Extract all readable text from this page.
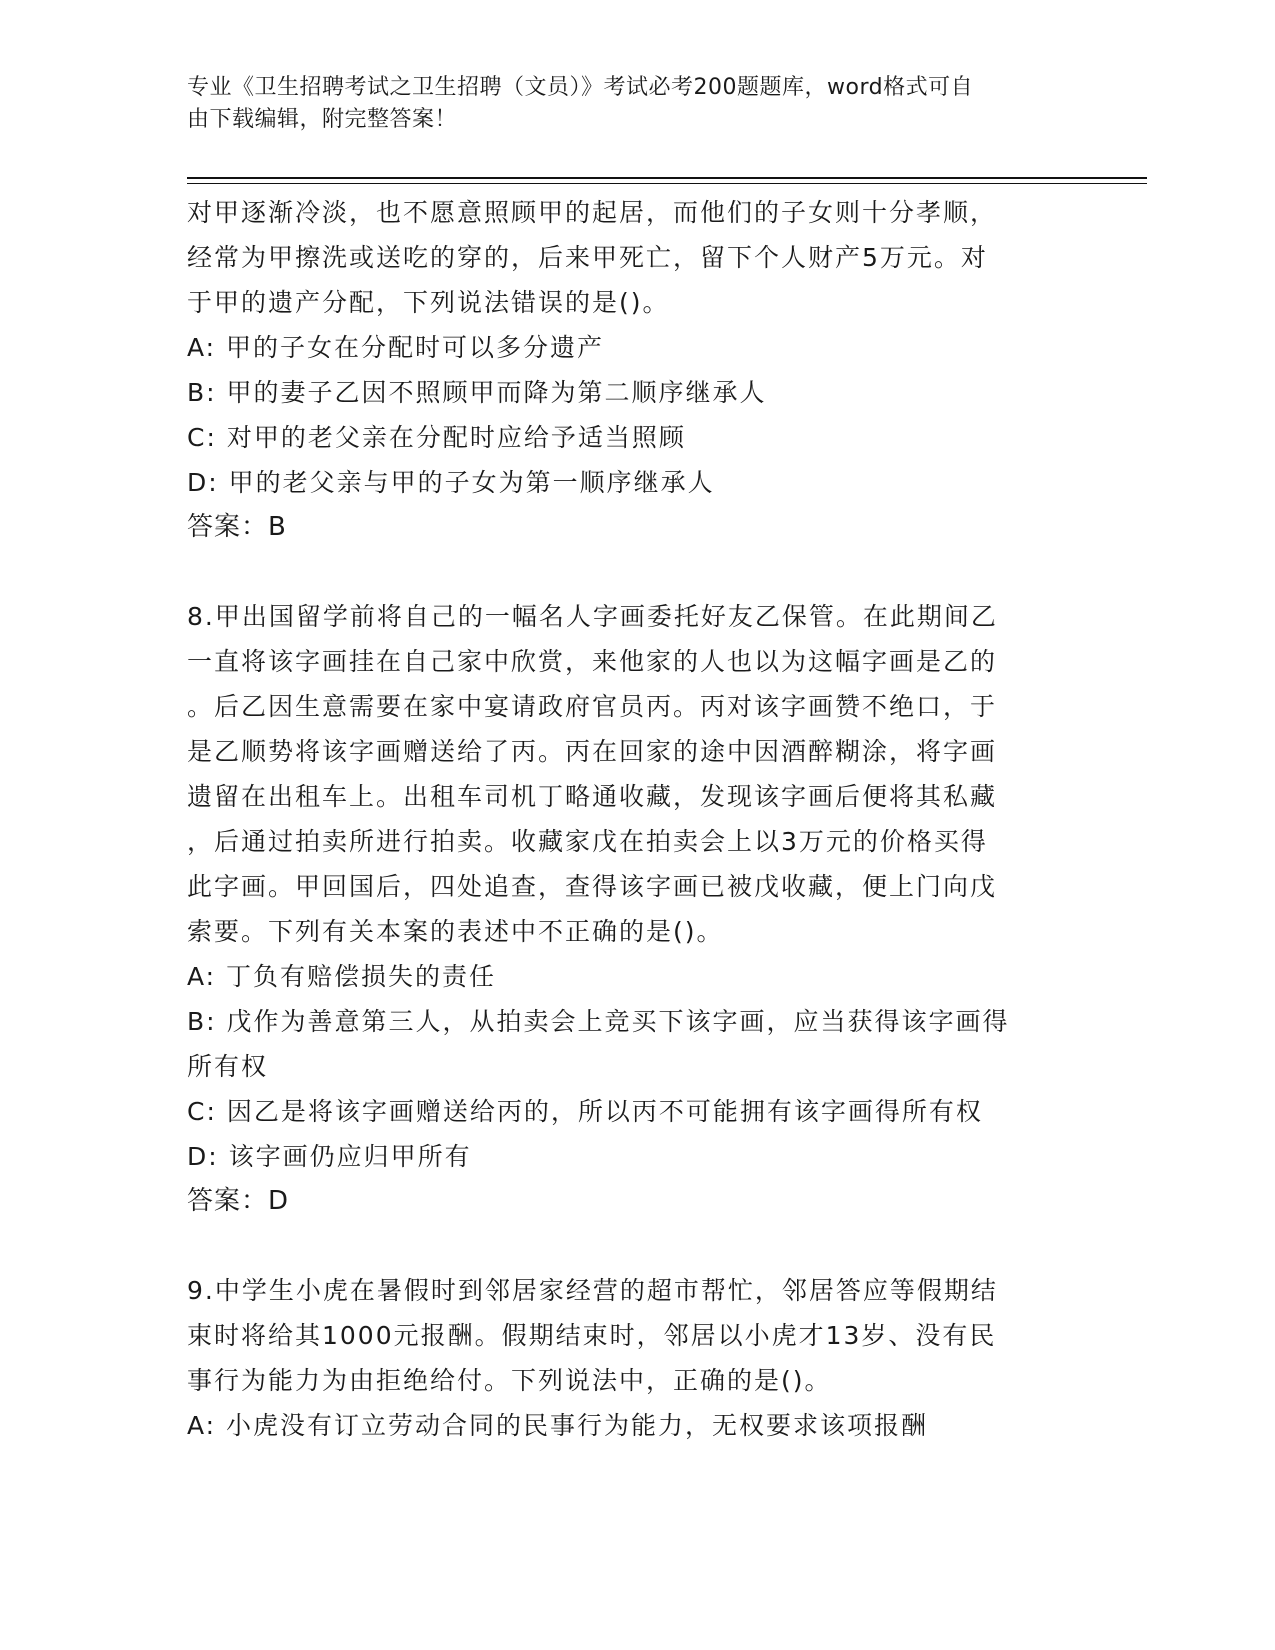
专业《卫生招聘考试之卫生招聘（文员）》考试必考200题题库，word格式可自
由下载编辑，附完整答案！
对甲逐渐冷淡，也不愿意照顾甲的起居，而他们的子女则十分孝顺，
经常为甲擦洗或送吃的穿的，后来甲死亡，留下个人财产5万元。对
于甲的遗产分配，下列说法错误的是()。
A: 甲的子女在分配时可以多分遗产
B: 甲的妻子乙因不照顾甲而降为第二顺序继承人
C: 对甲的老父亲在分配时应给予适当照顾
D: 甲的老父亲与甲的子女为第一顺序继承人
答案：B
8.甲出国留学前将自己的一幅名人字画委托好友乙保管。在此期间乙
一直将该字画挂在自己家中欣赏，来他家的人也以为这幅字画是乙的
。后乙因生意需要在家中宴请政府官员丙。丙对该字画赞不绝口，于
是乙顺势将该字画赠送给了丙。丙在回家的途中因酒醉糊涂，将字画
遗留在出租车上。出租车司机丁略通收藏，发现该字画后便将其私藏
，后通过拍卖所进行拍卖。收藏家戊在拍卖会上以3万元的价格买得
此字画。甲回国后，四处追查，查得该字画已被戊收藏，便上门向戊
索要。下列有关本案的表述中不正确的是()。
A: 丁负有赔偿损失的责任
B: 戊作为善意第三人，从拍卖会上竞买下该字画，应当获得该字画得
所有权
C: 因乙是将该字画赠送给丙的，所以丙不可能拥有该字画得所有权
D: 该字画仍应归甲所有
答案：D
9.中学生小虎在暑假时到邻居家经营的超市帮忙，邻居答应等假期结
束时将给其1000元报酬。假期结束时，邻居以小虎才13岁、没有民
事行为能力为由拒绝给付。下列说法中，正确的是()。
A: 小虎没有订立劳动合同的民事行为能力，无权要求该项报酬
